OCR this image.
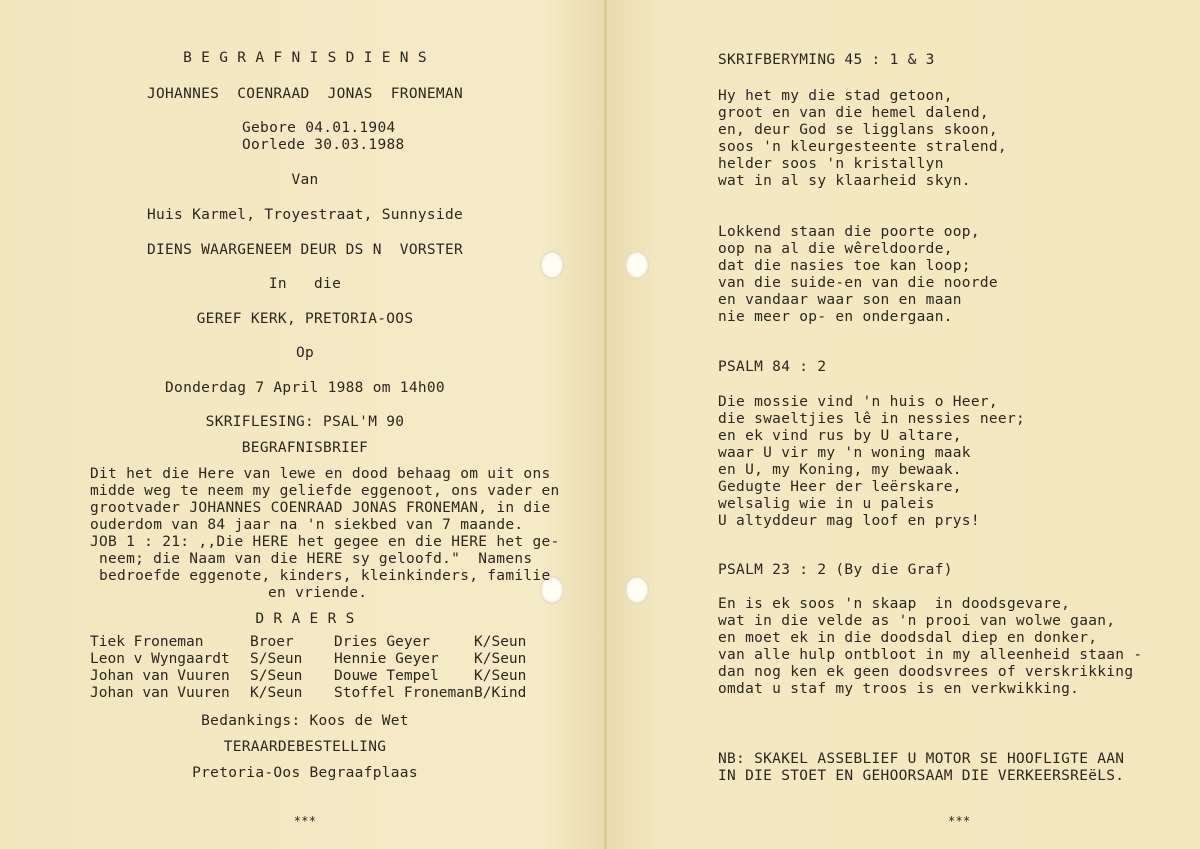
B E G R A F N I S D I E N S
JOHANNES  COENRAAD  JONAS  FRONEMAN
Gebore 04.01.1904
Oorlede 30.03.1988
Van
Huis Karmel, Troyestraat, Sunnyside
DIENS WAARGENEEM DEUR DS N  VORSTER
In   die
GEREF KERK, PRETORIA-OOS
Op
Donderdag 7 April 1988 om 14h00
SKRIFLESING: PSAL'M 90
BEGRAFNISBRIEF
Dit het die Here van lewe en dood behaag om uit ons
midde weg te neem my geliefde eggenoot, ons vader en
grootvader JOHANNES COENRAAD JONAS FRONEMAN, in die
ouderdom van 84 jaar na 'n siekbed van 7 maande.
JOB 1 : 21: ,,Die HERE het gegee en die HERE het ge-
neem; die Naam van die HERE sy geloofd."  Namens
bedroefde eggenote, kinders, kleinkinders, familie
en vriende.
D R A E R S
Tiek Froneman	Broer	Dries Geyer	K/Seun
Leon v Wyngaardt	S/Seun	Hennie Geyer	K/Seun
Johan van Vuuren	S/Seun	Douwe Tempel	K/Seun
Johan van Vuuren	K/Seun	Stoffel Froneman	B/Kind
Bedankings: Koos de Wet
TERAARDEBESTELLING
Pretoria-Oos Begraafplaas
***
SKRIFBERYMING 45 : 1 & 3
Hy het my die stad getoon,
groot en van die hemel dalend,
en, deur God se ligglans skoon,
soos 'n kleurgesteente stralend,
helder soos 'n kristallyn
wat in al sy klaarheid skyn.
Lokkend staan die poorte oop,
oop na al die wêreldoorde,
dat die nasies toe kan loop;
van die suide-en van die noorde
en vandaar waar son en maan
nie meer op- en ondergaan.
PSALM 84 : 2
Die mossie vind 'n huis o Heer,
die swaeltjies lê in nessies neer;
en ek vind rus by U altare,
waar U vir my 'n woning maak
en U, my Koning, my bewaak.
Gedugte Heer der leërskare,
welsalig wie in u paleis
U altyddeur mag loof en prys!
PSALM 23 : 2 (By die Graf)
En is ek soos 'n skaap  in doodsgevare,
wat in die velde as 'n prooi van wolwe gaan,
en moet ek in die doodsdal diep en donker,
van alle hulp ontbloot in my alleenheid staan -
dan nog ken ek geen doodsvrees of verskrikking
omdat u staf my troos is en verkwikking.
NB: SKAKEL ASSEBLIEF U MOTOR SE HOOFLIGTE AAN
IN DIE STOET EN GEHOORSAAM DIE VERKEERSREëLS.
***
